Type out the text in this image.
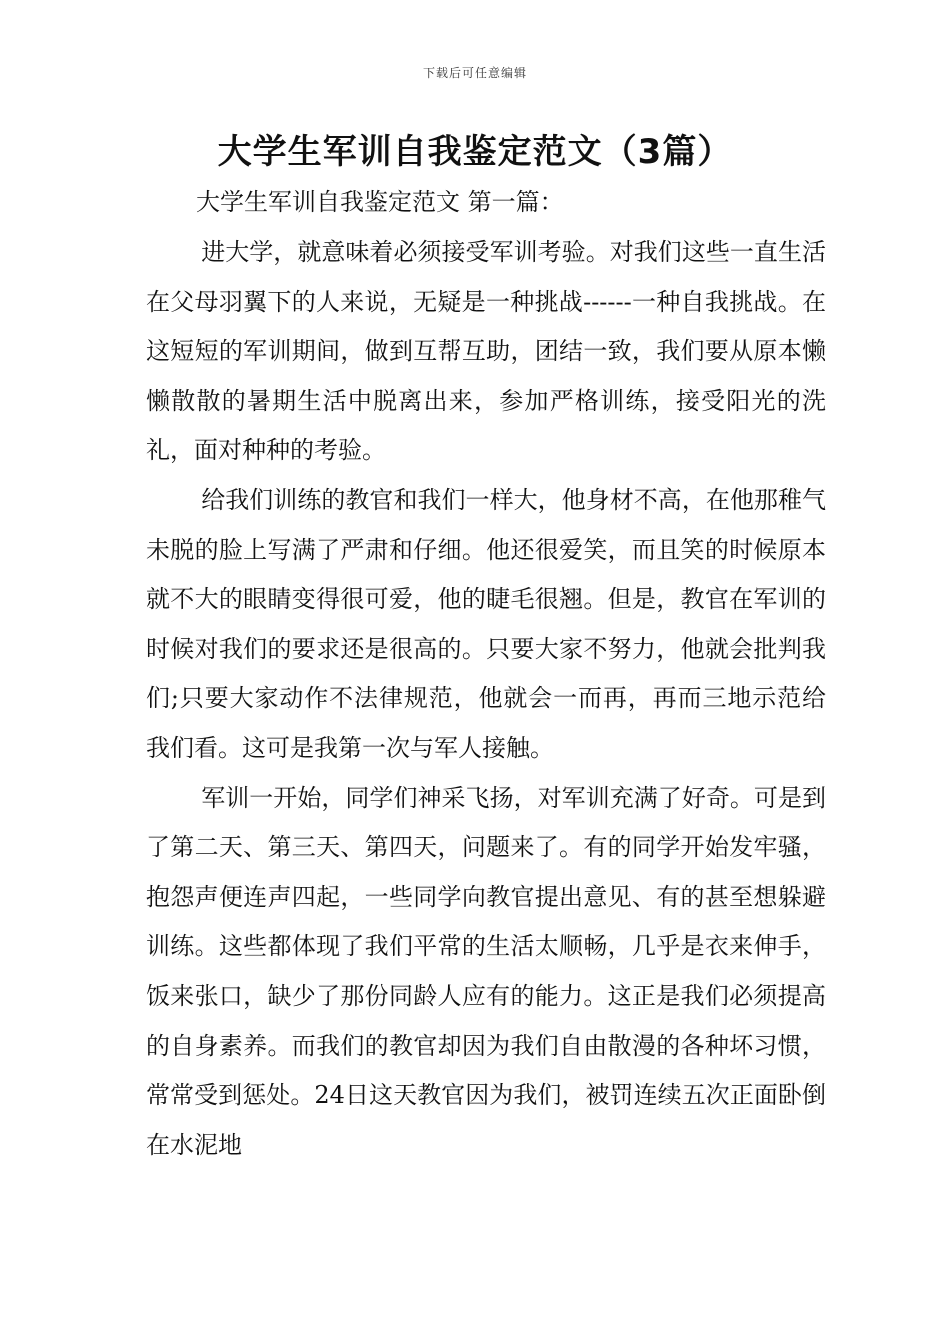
下载后可任意编辑
大学生军训自我鉴定范文（3篇）
大学生军训自我鉴定范文 第一篇：

进大学，就意味着必须接受军训考验。对我们这些一直生活在父母羽翼下的人来说，无疑是一种挑战------一种自我挑战。在这短短的军训期间，做到互帮互助，团结一致，我们要从原本懒懒散散的暑期生活中脱离出来，参加严格训练，接受阳光的洗礼，面对种种的考验。

给我们训练的教官和我们一样大，他身材不高，在他那稚气未脱的脸上写满了严肃和仔细。他还很爱笑，而且笑的时候原本就不大的眼睛变得很可爱，他的睫毛很翘。但是，教官在军训的时候对我们的要求还是很高的。只要大家不努力，他就会批判我们;只要大家动作不法律规范，他就会一而再，再而三地示范给我们看。这可是我第一次与军人接触。

军训一开始，同学们神采飞扬，对军训充满了好奇。可是到了第二天、第三天、第四天，问题来了。有的同学开始发牢骚，抱怨声便连声四起，一些同学向教官提出意见、有的甚至想躲避训练。这些都体现了我们平常的生活太顺畅，几乎是衣来伸手，饭来张口，缺少了那份同龄人应有的能力。这正是我们必须提高的自身素养。而我们的教官却因为我们自由散漫的各种坏习惯，常常受到惩处。24日这天教官因为我们，被罚连续五次正面卧倒在水泥地
